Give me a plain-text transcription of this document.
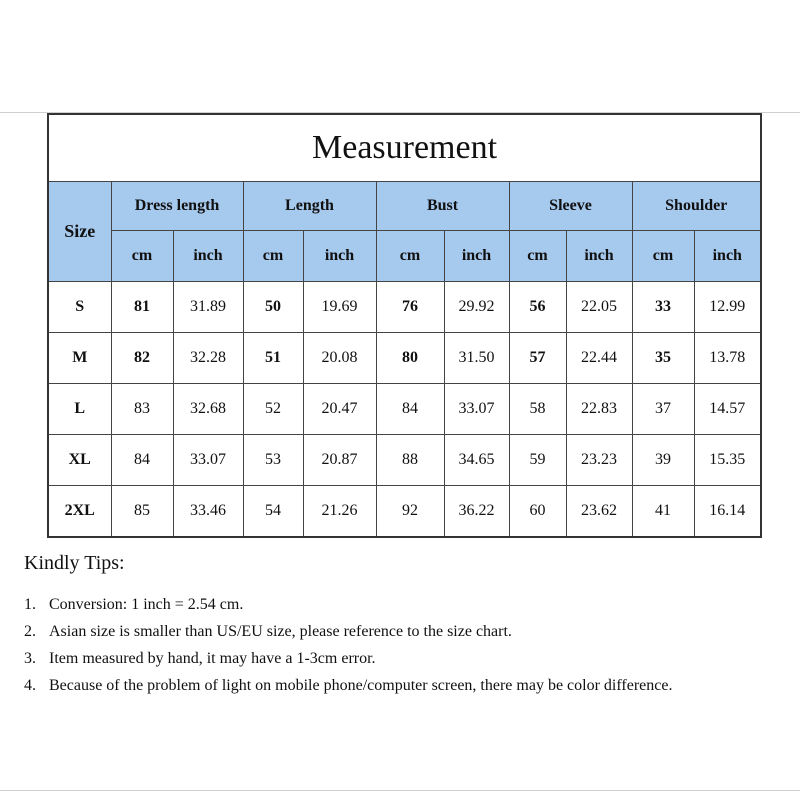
Measurement										
Size	Dress length		Length		Bust		Sleeve		Shoulder	
	cm	inch	cm	inch	cm	inch	cm	inch	cm	inch
S	81	31.89	50	19.69	76	29.92	56	22.05	33	12.99
M	82	32.28	51	20.08	80	31.50	57	22.44	35	13.78
L	83	32.68	52	20.47	84	33.07	58	22.83	37	14.57
XL	84	33.07	53	20.87	88	34.65	59	23.23	39	15.35
2XL	85	33.46	54	21.26	92	36.22	60	23.62	41	16.14
Kindly Tips:
1. Conversion: 1 inch = 2.54 cm.
2. Asian size is smaller than US/EU size, please reference to the size chart.
3. Item measured by hand, it may have a 1-3cm error.
4. Because of the problem of light on mobile phone/computer screen, there may be color difference.
